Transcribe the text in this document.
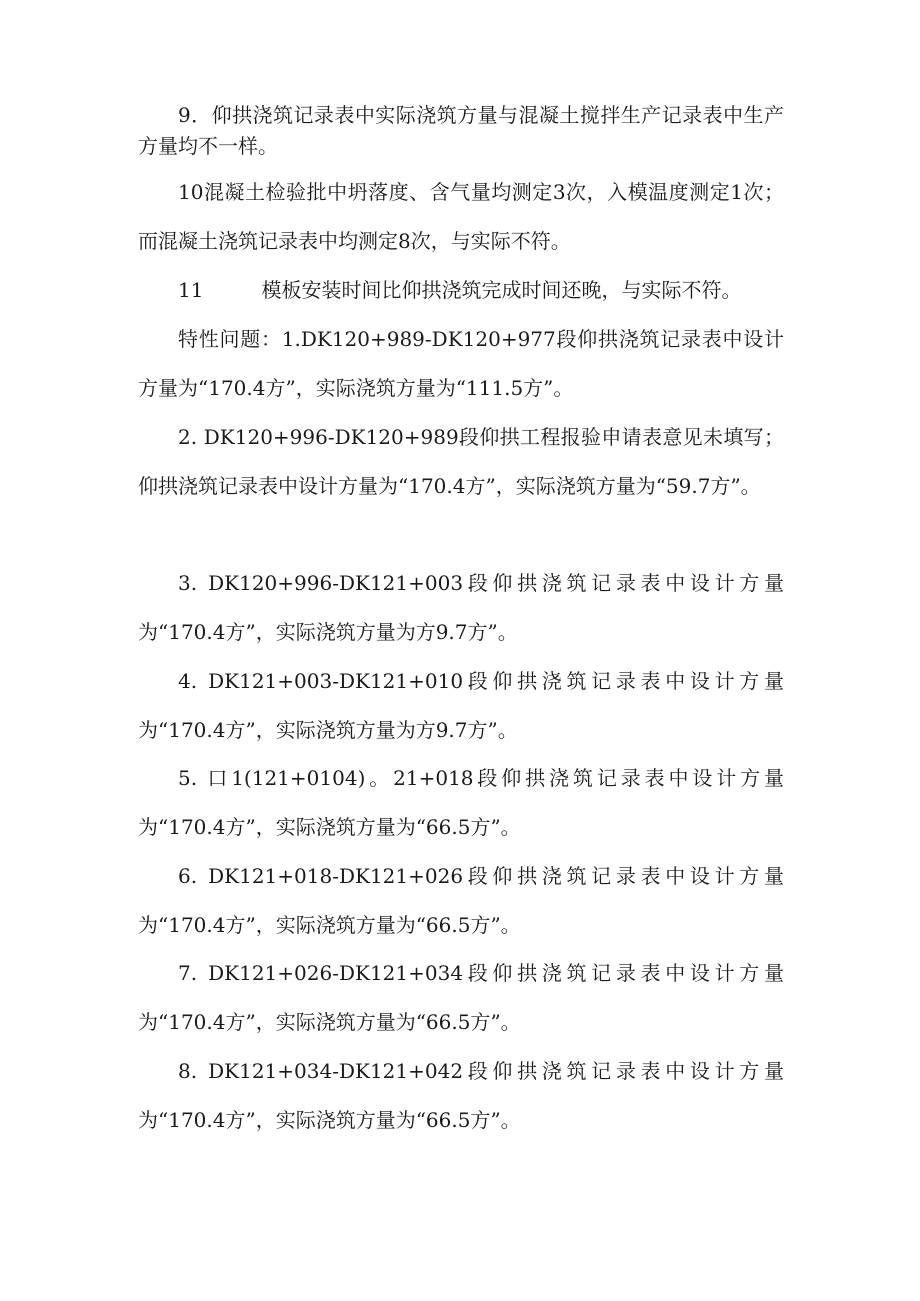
9．仰拱浇筑记录表中实际浇筑方量与混凝土搅拌生产记录表中生产方量均不一样。

10混凝土检验批中坍落度、含气量均测定3次，入模温度测定1次；而混凝土浇筑记录表中均测定8次，与实际不符。

11	模板安装时间比仰拱浇筑完成时间还晚，与实际不符。

特性问题：1.DK120+989-DK120+977段仰拱浇筑记录表中设计方量为“170.4方”，实际浇筑方量为“111.5方”。

2. DK120+996-DK120+989段仰拱工程报验申请表意见未填写；仰拱浇筑记录表中设计方量为“170.4方”，实际浇筑方量为“59.7方”。

3. DK120+996-DK121+003段仰拱浇筑记录表中设计方量为“170.4方”，实际浇筑方量为方9.7方”。

4. DK121+003-DK121+010段仰拱浇筑记录表中设计方量为“170.4方”，实际浇筑方量为方9.7方”。

5. 口1(121+0104)。21+018段仰拱浇筑记录表中设计方量为“170.4方”，实际浇筑方量为“66.5方”。

6. DK121+018-DK121+026段仰拱浇筑记录表中设计方量为“170.4方”，实际浇筑方量为“66.5方”。

7. DK121+026-DK121+034段仰拱浇筑记录表中设计方量为“170.4方”，实际浇筑方量为“66.5方”。

8. DK121+034-DK121+042段仰拱浇筑记录表中设计方量为“170.4方”，实际浇筑方量为“66.5方”。
